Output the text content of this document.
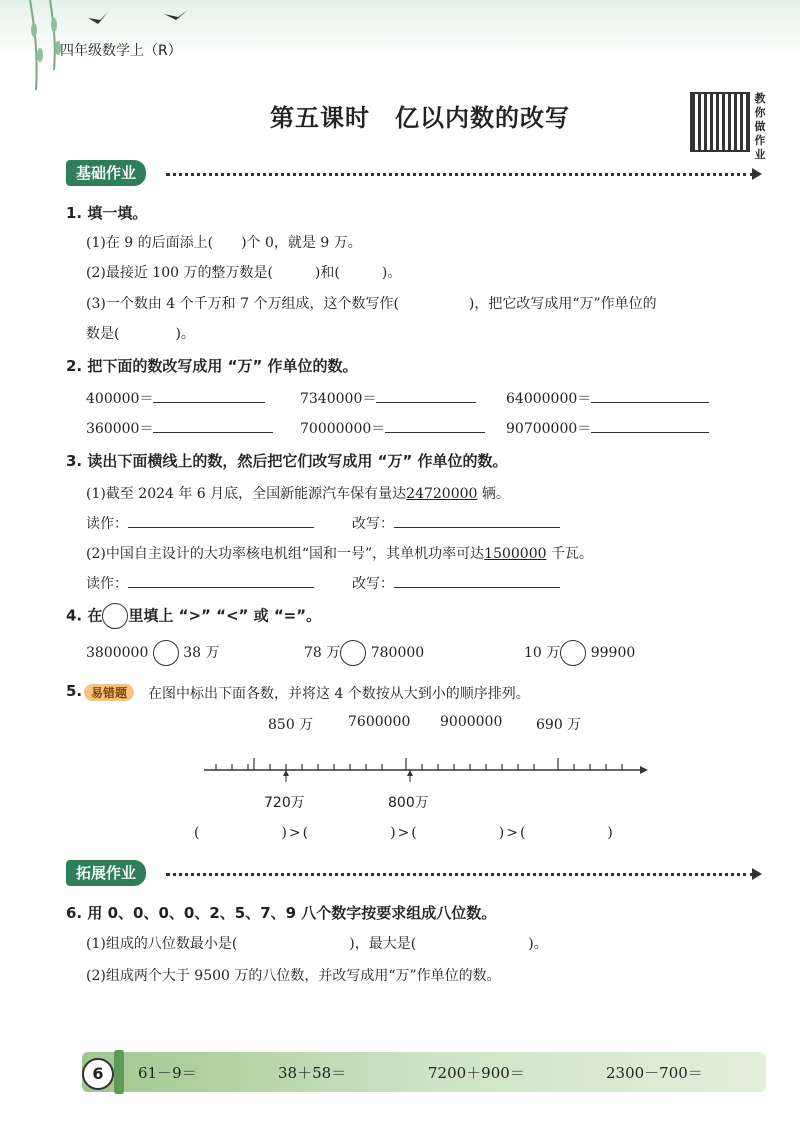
四年级数学上（R）
第五课时　亿以内数的改写
教你做作业
基础作业
1. 填一填。
(1)在 9 的后面添上(　　)个 0，就是 9 万。
(2)最接近 100 万的整万数是(　　　)和(　　　)。
(3)一个数由 4 个千万和 7 个万组成，这个数写作(　　　　　)，把它改写成用“万”作单位的
数是(　　　　)。
2. 把下面的数改写成用 “万” 作单位的数。
400000＝	7340000＝	64000000＝
360000＝	70000000＝	90700000＝
3. 读出下面横线上的数，然后把它们改写成用 “万” 作单位的数。
(1)截至 2024 年 6 月底，全国新能源汽车保有量达24720000 辆。
读作：	改写：
(2)中国自主设计的大功率核电机组“国和一号”，其单机功率可达1500000 千瓦。
读作：	改写：
4. 在 里填上 “>” “<” 或 “=”。
3800000 38 万	78 万 780000	10 万 99900
5. 易错题	在图中标出下面各数，并将这 4 个数按从大到小的顺序排列。
850 万 7600000 9000000 690 万
720万	800万
(　　　　　)>(　　　　　)>(　　　　　)>(　　　　　)
拓展作业
6. 用 0、0、0、0、2、5、7、9 八个数字按要求组成八位数。
(1)组成的八位数最小是(　　　　　　　　)，最大是(　　　　　　　　)。
(2)组成两个大于 9500 万的八位数，并改写成用“万”作单位的数。
6	61－9＝	38＋58＝	7200＋900＝	2300－700＝
